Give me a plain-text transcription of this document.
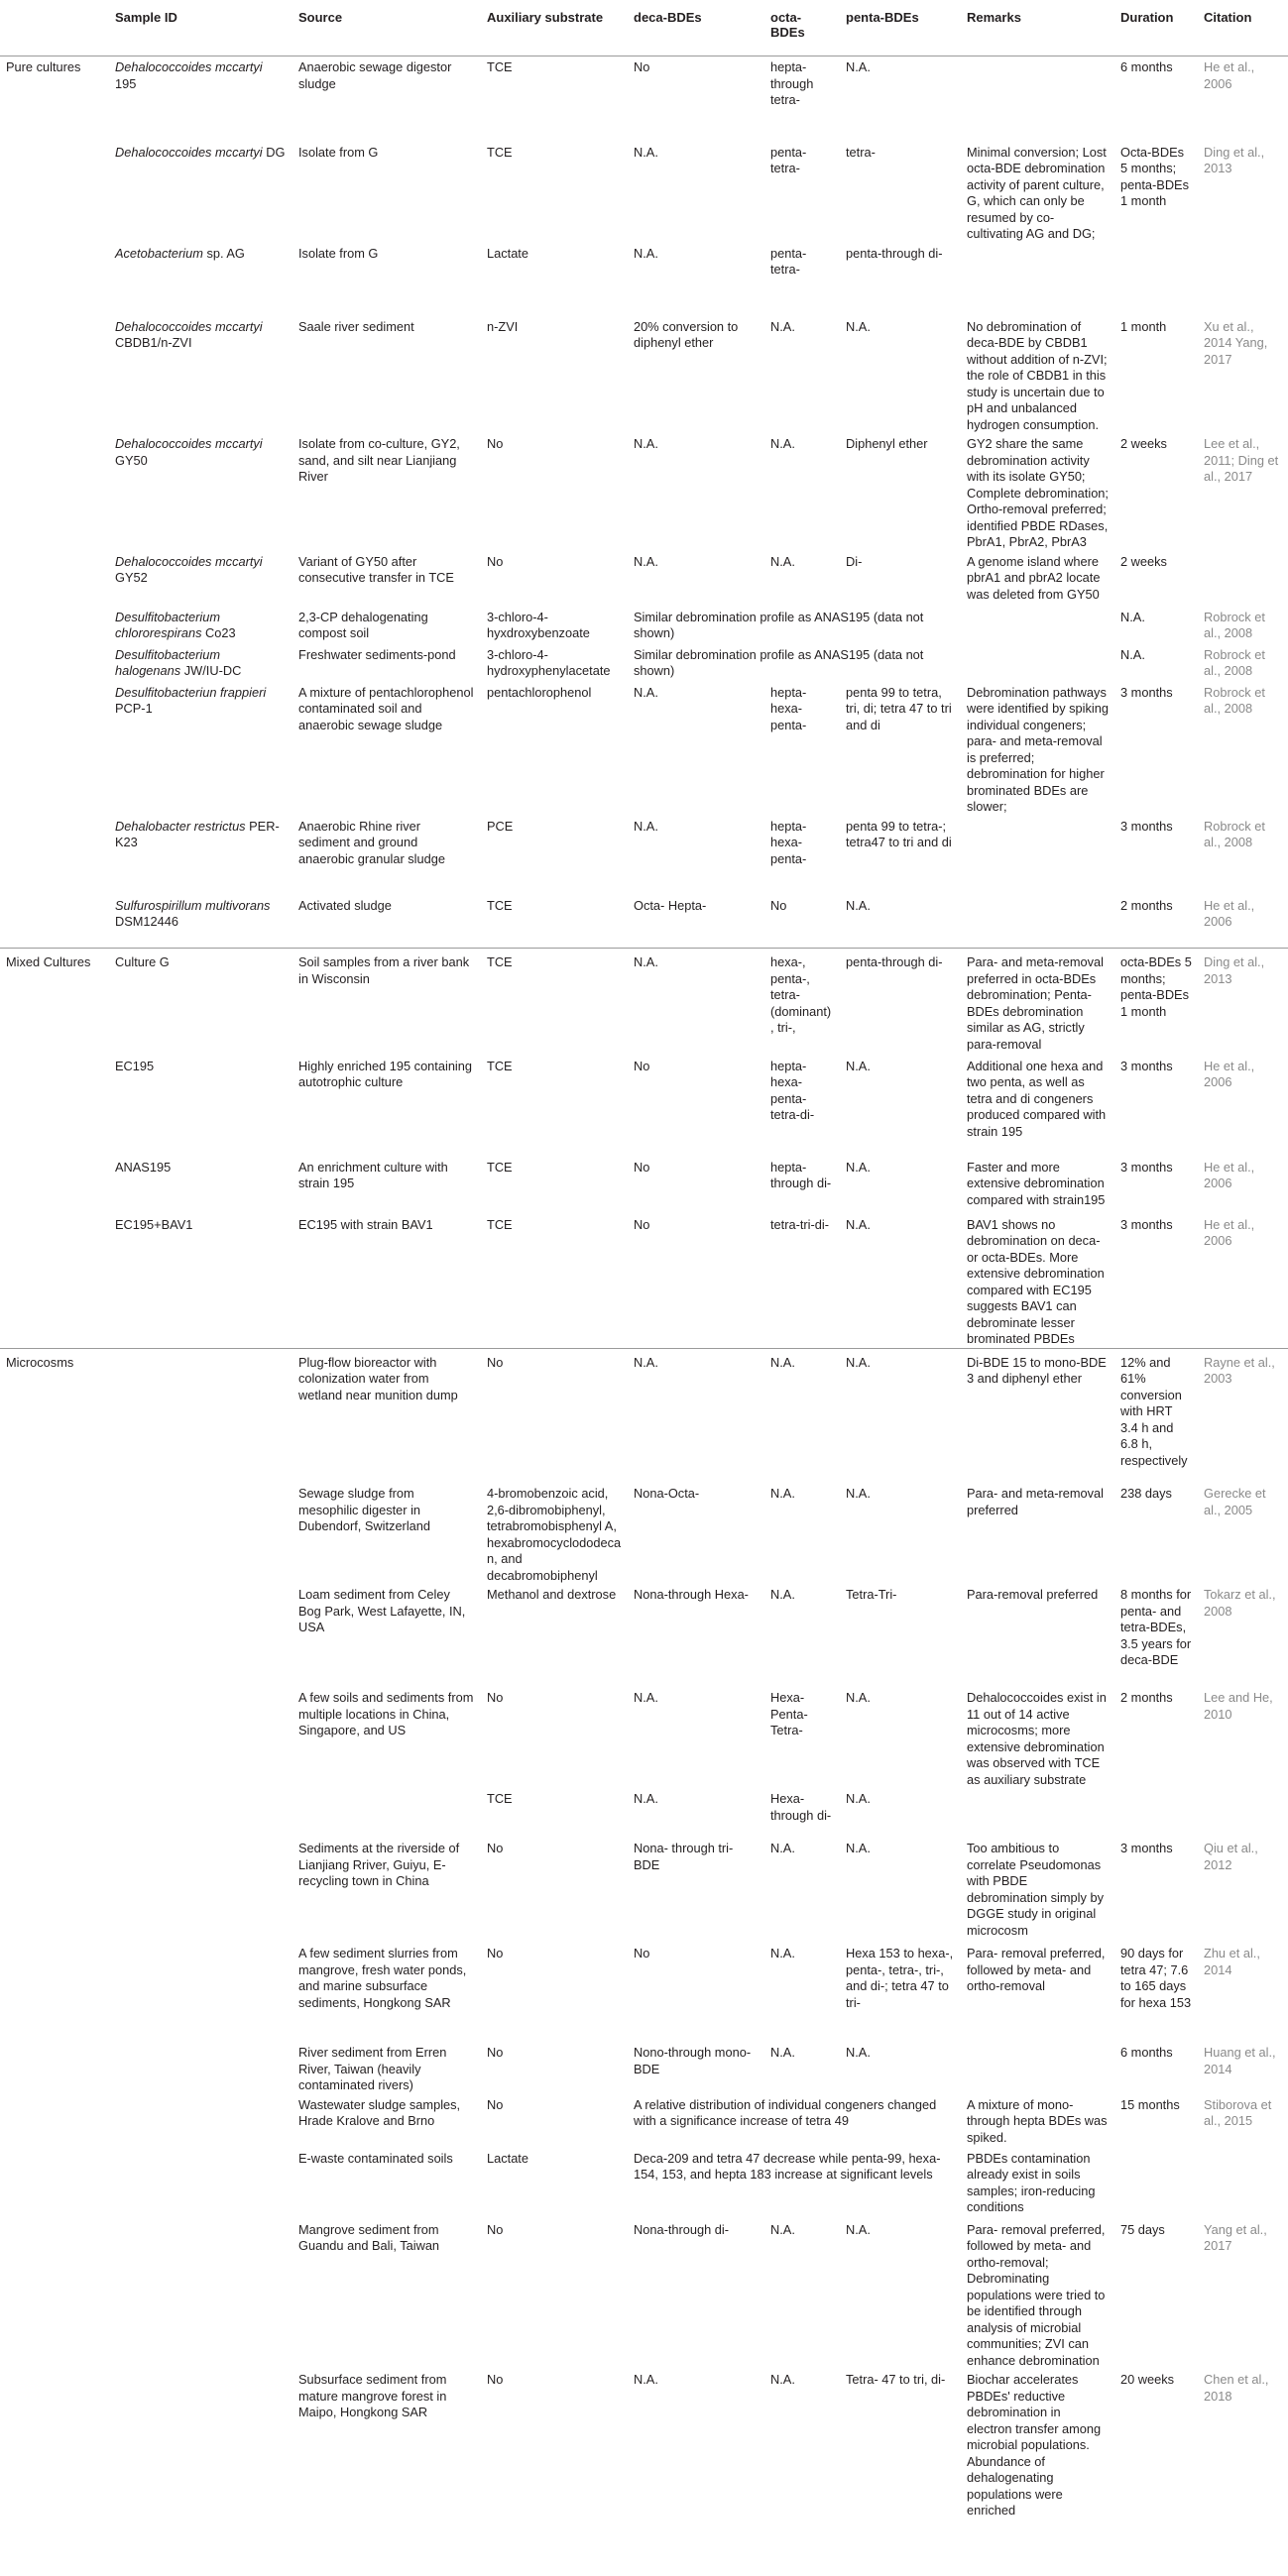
	Sample ID	Source	Auxiliary substrate	deca-BDEs	octa-BDEs	penta-BDEs	Remarks	Duration	Citation
Pure cultures	Dehalococcoides mccartyi 195	Anaerobic sewage digestor sludge	TCE	No	hepta-through tetra-	N.A.		6 months	He et al., 2006
	Dehalococcoides mccartyi DG	Isolate from G	TCE	N.A.	penta-tetra-	tetra-	Minimal conversion; Lost octa-BDE debromination activity of parent culture, G, which can only be resumed by co-cultivating AG and DG;	Octa-BDEs 5 months; penta-BDEs 1 month	Ding et al., 2013
	Acetobacterium sp. AG	Isolate from G	Lactate	N.A.	penta-tetra-	penta-through di-			
	Dehalococcoides mccartyi CBDB1/n-ZVI	Saale river sediment	n-ZVI	20% conversion to diphenyl ether	N.A.	N.A.	No debromination of deca-BDE by CBDB1 without addition of n-ZVI; the role of CBDB1 in this study is uncertain due to pH and unbalanced hydrogen consumption.	1 month	Xu et al., 2014 Yang, 2017
	Dehalococcoides mccartyi GY50	Isolate from co-culture, GY2, sand, and silt near Lianjiang River	No	N.A.	N.A.	Diphenyl ether	GY2 share the same debromination activity with its isolate GY50; Complete debromination; Ortho-removal preferred; identified PBDE RDases, PbrA1, PbrA2, PbrA3	2 weeks	Lee et al., 2011; Ding et al., 2017
	Dehalococcoides mccartyi GY52	Variant of GY50 after consecutive transfer in TCE	No	N.A.	N.A.	Di-	A genome island where pbrA1 and pbrA2 locate was deleted from GY50	2 weeks	
	Desulfitobacterium chlororespirans Co23	2,3-CP dehalogenating compost soil	3-chloro-4-hyxdroxybenzoate	Similar debromination profile as ANAS195 (data not shown)				N.A.	Robrock et al., 2008
	Desulfitobacterium halogenans JW/IU-DC	Freshwater sediments-pond	3-chloro-4-hydroxyphenylacetate	Similar debromination profile as ANAS195 (data not shown)				N.A.	Robrock et al., 2008
	Desulfitobacteriun frappieri PCP-1	A mixture of pentachlorophenol contaminated soil and anaerobic sewage sludge	pentachlorophenol	N.A.	hepta-hexa-penta-	penta 99 to tetra, tri, di; tetra 47 to tri and di	Debromination pathways were identified by spiking individual congeners; para- and meta-removal is preferred; debromination for higher brominated BDEs are slower;	3 months	Robrock et al., 2008
	Dehalobacter restrictus PER-K23	Anaerobic Rhine river sediment and ground anaerobic granular sludge	PCE	N.A.	hepta-hexa-penta-	penta 99 to tetra-; tetra47 to tri and di		3 months	Robrock et al., 2008
	Sulfurospirillum multivorans DSM12446	Activated sludge	TCE	Octa- Hepta-	No	N.A.		2 months	He et al., 2006
Mixed Cultures	Culture G	Soil samples from a river bank in Wisconsin	TCE	N.A.	hexa-, penta-, tetra- (dominant), tri-,	penta-through di-	Para- and meta-removal preferred in octa-BDEs debromination; Penta-BDEs debromination similar as AG, strictly para-removal	octa-BDEs 5 months; penta-BDEs 1 month	Ding et al., 2013
	EC195	Highly enriched 195 containing autotrophic culture	TCE	No	hepta-hexa-penta-tetra-di-	N.A.	Additional one hexa and two penta, as well as tetra and di congeners produced compared with strain 195	3 months	He et al., 2006
	ANAS195	An enrichment culture with strain 195	TCE	No	hepta-through di-	N.A.	Faster and more extensive debromination compared with strain195	3 months	He et al., 2006
	EC195+BAV1	EC195 with strain BAV1	TCE	No	tetra-tri-di-	N.A.	BAV1 shows no debromination on deca- or octa-BDEs. More extensive debromination compared with EC195 suggests BAV1 can debrominate lesser brominated PBDEs	3 months	He et al., 2006
Microcosms		Plug-flow bioreactor with colonization water from wetland near munition dump	No	N.A.	N.A.	N.A.	Di-BDE 15 to mono-BDE 3 and diphenyl ether	12% and 61% conversion with HRT 3.4 h and 6.8 h, respectively	Rayne et al., 2003
		Sewage sludge from mesophilic digester in Dubendorf, Switzerland	4-bromobenzoic acid, 2,6-dibromobiphenyl, tetrabromobisphenyl A, hexabromocyclododecan, and decabromobiphenyl	Nona-Octa-	N.A.	N.A.	Para- and meta-removal preferred	238 days	Gerecke et al., 2005
		Loam sediment from Celey Bog Park, West Lafayette, IN, USA	Methanol and dextrose	Nona-through Hexa-	N.A.	Tetra-Tri-	Para-removal preferred	8 months for penta- and tetra-BDEs, 3.5 years for deca-BDE	Tokarz et al., 2008
		A few soils and sediments from multiple locations in China, Singapore, and US	No	N.A.	Hexa-Penta-Tetra-	N.A.	Dehalococcoides exist in 11 out of 14 active microcosms; more extensive debromination was observed with TCE as auxiliary substrate	2 months	Lee and He, 2010
			TCE	N.A.	Hexa-through di-	N.A.			
		Sediments at the riverside of Lianjiang Rriver, Guiyu, E-recycling town in China	No	Nona- through tri-BDE	N.A.	N.A.	Too ambitious to correlate Pseudomonas with PBDE debromination simply by DGGE study in original microcosm	3 months	Qiu et al., 2012
		A few sediment slurries from mangrove, fresh water ponds, and marine subsurface sediments, Hongkong SAR	No	No	N.A.	Hexa 153 to hexa-, penta-, tetra-, tri-, and di-; tetra 47 to tri-	Para- removal preferred, followed by meta- and ortho-removal	90 days for tetra 47; 7.6 to 165 days for hexa 153	Zhu et al., 2014
		River sediment from Erren River, Taiwan (heavily contaminated rivers)	No	Nono-through mono-BDE	N.A.	N.A.		6 months	Huang et al., 2014
		Wastewater sludge samples, Hrade Kralove and Brno	No	A relative distribution of individual congeners changed with a significance increase of tetra 49			A mixture of mono-through hepta BDEs was spiked.	15 months	Stiborova et al., 2015
		E-waste contaminated soils	Lactate	Deca-209 and tetra 47 decrease while penta-99, hexa-154, 153, and hepta 183 increase at significant levels			PBDEs contamination already exist in soils samples; iron-reducing conditions		
		Mangrove sediment from Guandu and Bali, Taiwan	No	Nona-through di-	N.A.	N.A.	Para- removal preferred, followed by meta- and ortho-removal; Debrominating populations were tried to be identified through analysis of microbial communities; ZVI can enhance debromination	75 days	Yang et al., 2017
		Subsurface sediment from mature mangrove forest in Maipo, Hongkong SAR	No	N.A.	N.A.	Tetra- 47 to tri, di-	Biochar accelerates PBDEs' reductive debromination in electron transfer among microbial populations. Abundance of dehalogenating populations were enriched	20 weeks	Chen et al., 2018
